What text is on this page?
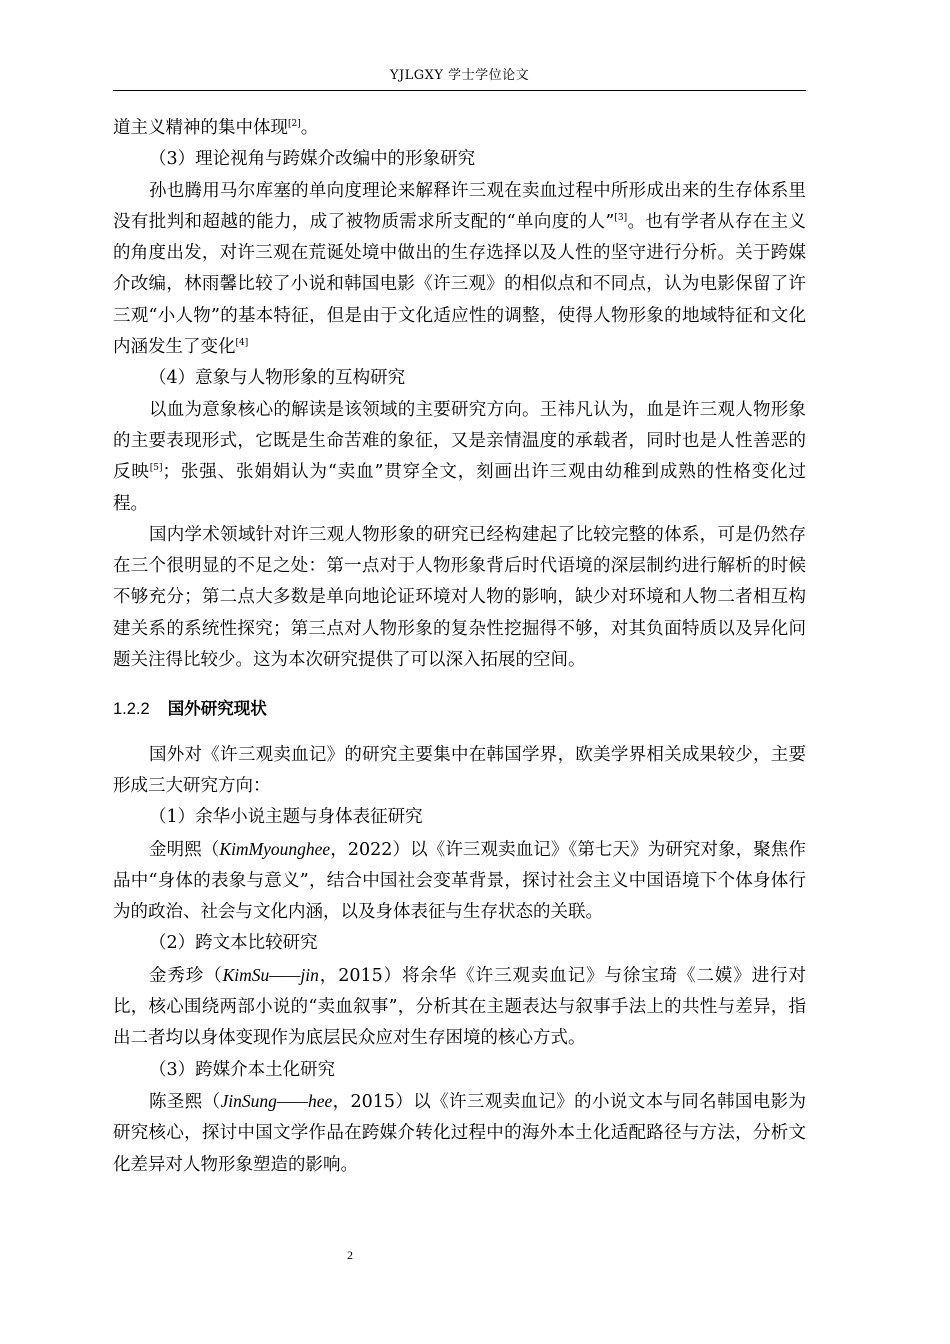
YJLGXY 学士学位论文

道主义精神的集中体现[2]。

（3）理论视角与跨媒介改编中的形象研究

孙也腾用马尔库塞的单向度理论来解释许三观在卖血过程中所形成出来的生存体系里没有批判和超越的能力，成了被物质需求所支配的“单向度的人”[3]。也有学者从存在主义的角度出发，对许三观在荒诞处境中做出的生存选择以及人性的坚守进行分析。关于跨媒介改编，林雨馨比较了小说和韩国电影《许三观》的相似点和不同点，认为电影保留了许三观“小人物”的基本特征，但是由于文化适应性的调整，使得人物形象的地域特征和文化内涵发生了变化[4]

（4）意象与人物形象的互构研究

以血为意象核心的解读是该领域的主要研究方向。王祎凡认为，血是许三观人物形象的主要表现形式，它既是生命苦难的象征，又是亲情温度的承载者，同时也是人性善恶的反映[5]；张强、张娟娟认为“卖血”贯穿全文，刻画出许三观由幼稚到成熟的性格变化过程。

国内学术领域针对许三观人物形象的研究已经构建起了比较完整的体系，可是仍然存在三个很明显的不足之处：第一点对于人物形象背后时代语境的深层制约进行解析的时候不够充分；第二点大多数是单向地论证环境对人物的影响，缺少对环境和人物二者相互构建关系的系统性探究；第三点对人物形象的复杂性挖掘得不够，对其负面特质以及异化问题关注得比较少。这为本次研究提供了可以深入拓展的空间。

1.2.2 国外研究现状

国外对《许三观卖血记》的研究主要集中在韩国学界，欧美学界相关成果较少，主要形成三大研究方向：

（1）余华小说主题与身体表征研究

金明熙（KimMyounghee，2022）以《许三观卖血记》《第七天》为研究对象，聚焦作品中“身体的表象与意义”，结合中国社会变革背景，探讨社会主义中国语境下个体身体行为的政治、社会与文化内涵，以及身体表征与生存状态的关联。

（2）跨文本比较研究

金秀珍（KimSu——jin，2015）将余华《许三观卖血记》与徐宝琦《二嫫》进行对比，核心围绕两部小说的“卖血叙事”，分析其在主题表达与叙事手法上的共性与差异，指出二者均以身体变现作为底层民众应对生存困境的核心方式。

（3）跨媒介本土化研究

陈圣熙（JinSung——hee，2015）以《许三观卖血记》的小说文本与同名韩国电影为研究核心，探讨中国文学作品在跨媒介转化过程中的海外本土化适配路径与方法，分析文化差异对人物形象塑造的影响。

2
